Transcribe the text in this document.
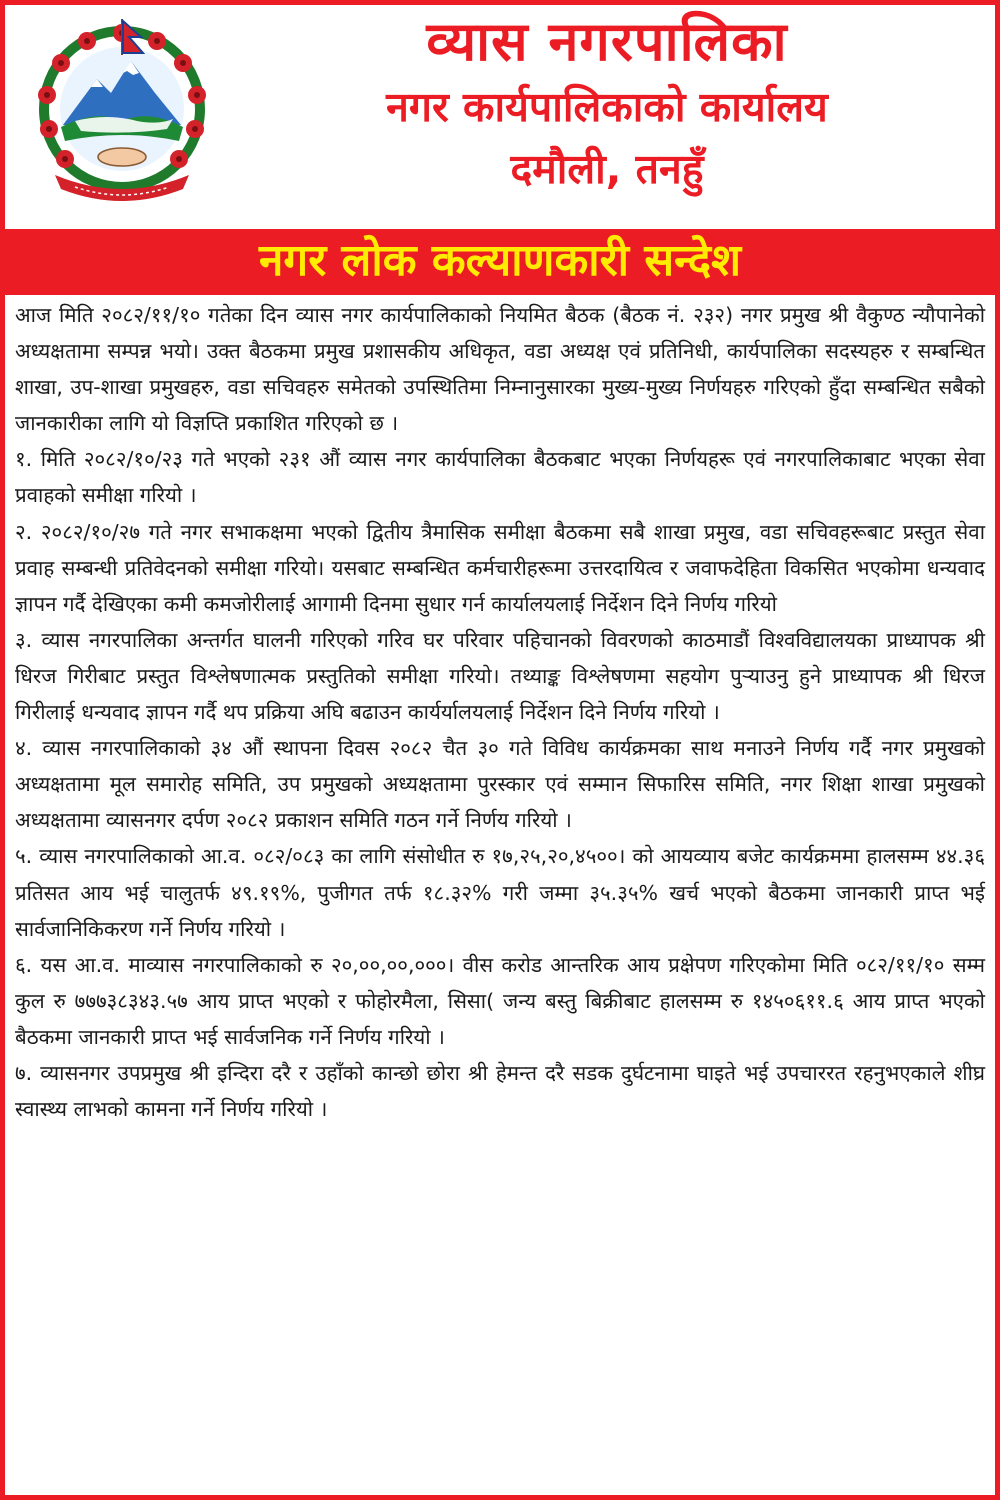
व्यास नगरपालिका
नगर कार्यपालिकाको कार्यालय
दमौली, तनहुँ
नगर लोक कल्याणकारी सन्देश

आज मिति २०८२/११/१० गतेका दिन व्यास नगर कार्यपालिकाको नियमित बैठक (बैठक नं. २३२) नगर प्रमुख श्री वैकुण्ठ न्यौपानेको अध्यक्षतामा सम्पन्न भयो। उक्त बैठकमा प्रमुख प्रशासकीय अधिकृत, वडा अध्यक्ष एवं प्रतिनिधी, कार्यपालिका सदस्यहरु र सम्बन्धित शाखा, उप-शाखा प्रमुखहरु, वडा सचिवहरु समेतको उपस्थितिमा निम्नानुसारका मुख्य-मुख्य निर्णयहरु गरिएको हुँदा सम्बन्धित सबैको जानकारीका लागि यो विज्ञप्ति प्रकाशित गरिएको छ ।

१. मिति २०८२/१०/२३ गते भएको २३१ औं व्यास नगर कार्यपालिका बैठकबाट भएका निर्णयहरू एवं नगरपालिकाबाट भएका सेवा प्रवाहको समीक्षा गरियो ।

२. २०८२/१०/२७ गते नगर सभाकक्षमा भएको द्वितीय त्रैमासिक समीक्षा बैठकमा सबै शाखा प्रमुख, वडा सचिवहरूबाट प्रस्तुत सेवा प्रवाह सम्बन्धी प्रतिवेदनको समीक्षा गरियो। यसबाट सम्बन्धित कर्मचारीहरूमा उत्तरदायित्व र जवाफदेहिता विकसित भएकोमा धन्यवाद ज्ञापन गर्दै देखिएका कमी कमजोरीलाई आगामी दिनमा सुधार गर्न कार्यालयलाई निर्देशन दिने निर्णय गरियो

३. व्यास नगरपालिका अन्तर्गत घालनी गरिएको गरिव घर परिवार पहिचानको विवरणको काठमाडौं विश्वविद्यालयका प्राध्यापक श्री धिरज गिरीबाट प्रस्तुत विश्लेषणात्मक प्रस्तुतिको समीक्षा गरियो। तथ्याङ्क विश्लेषणमा सहयोग पुर्‍याउनु हुने प्राध्यापक श्री धिरज गिरीलाई धन्यवाद ज्ञापन गर्दै थप प्रक्रिया अघि बढाउन कार्यर्यालयलाई निर्देशन दिने निर्णय गरियो ।

४. व्यास नगरपालिकाको ३४ औं स्थापना दिवस २०८२ चैत ३० गते विविध कार्यक्रमका साथ मनाउने निर्णय गर्दै नगर प्रमुखको अध्यक्षतामा मूल समारोह समिति, उप प्रमुखको अध्यक्षतामा पुरस्कार एवं सम्मान सिफारिस समिति, नगर शिक्षा शाखा प्रमुखको अध्यक्षतामा व्यासनगर दर्पण २०८२ प्रकाशन समिति गठन गर्ने निर्णय गरियो ।

५. व्यास नगरपालिकाको आ.व. ०८२/०८३ का लागि संसोधीत रु १७,२५,२०,४५००। को आयव्याय बजेट कार्यक्रममा हालसम्म ४४.३६ प्रतिसत आय भई चालुतर्फ ४९.१९%, पुजीगत तर्फ १८.३२% गरी जम्मा ३५.३५% खर्च भएको बैठकमा जानकारी प्राप्त भई सार्वजानिकिकरण गर्ने निर्णय गरियो ।

६. यस आ.व. माव्यास नगरपालिकाको रु २०,००,००,०००। वीस करोड आन्तरिक आय प्रक्षेपण गरिएकोमा मिति ०८२/११/१० सम्म कुल रु ७७७३८३४३.५७ आय प्राप्त भएको र फोहोरमैला, सिसा( जन्य बस्तु बिक्रीबाट हालसम्म रु १४५०६११.६ आय प्राप्त भएको बैठकमा जानकारी प्राप्त भई सार्वजनिक गर्ने निर्णय गरियो ।

७. व्यासनगर उपप्रमुख श्री इन्दिरा दरै र उहाँको कान्छो छोरा श्री हेमन्त दरै सडक दुर्घटनामा घाइते भई उपचाररत रहनुभएकाले शीघ्र स्वास्थ्य लाभको कामना गर्ने निर्णय गरियो ।
